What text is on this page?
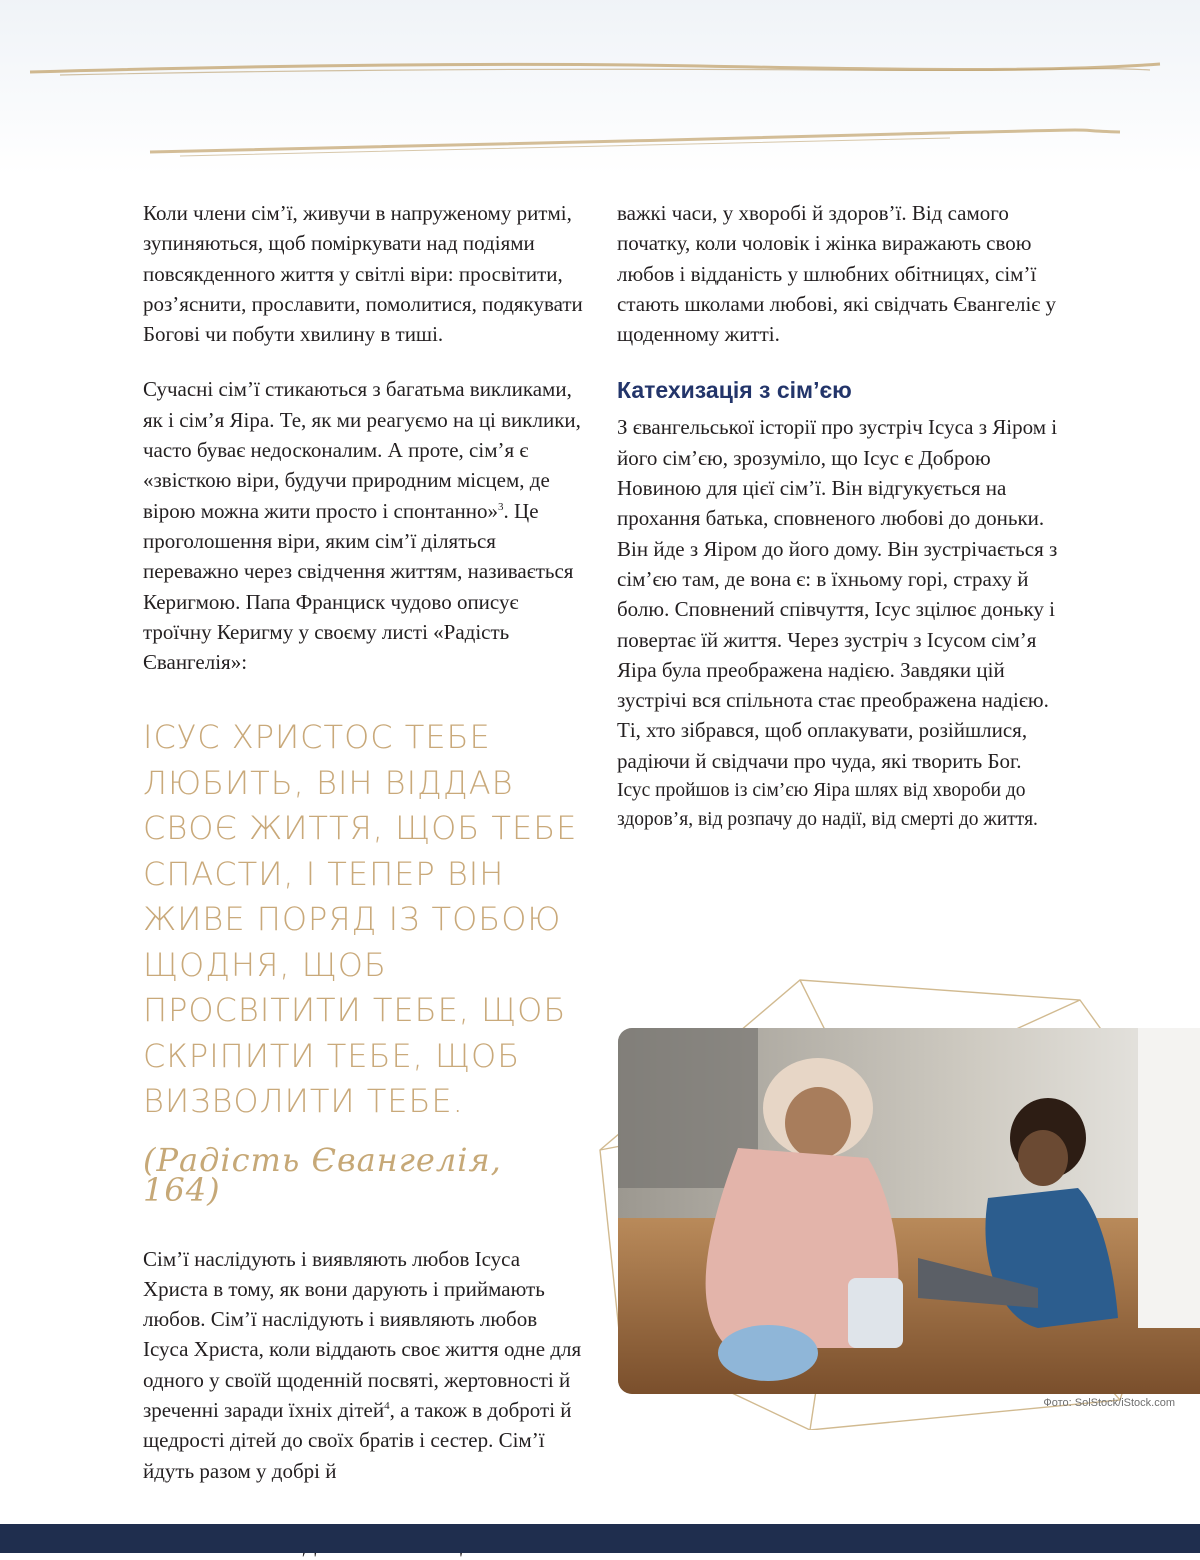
Коли члени сім’ї, живучи в напруженому ритмі, зупиняються, щоб поміркувати над подіями повсякденного життя у світлі віри: просвітити, роз’яснити, прославити, помолитися, подякувати Богові чи побути хвилину в тиші.

Сучасні сім’ї стикаються з багатьма викликами, як і сім’я Яіра. Те, як ми реагуємо на ці виклики, часто буває недосконалим. А проте, сім’я є «звісткою віри, будучи природним місцем, де вірою можна жити просто і спонтанно»$^3$. Це проголошення віри, яким сім’ї діляться переважно через свідчення життям, називається Керигмою. Папа Франциск чудово описує троїчну Керигму у своєму листі «Радість Євангелія»:

ІСУС ХРИСТОС ТЕБЕ ЛЮБИТЬ, ВІН ВІДДАВ СВОЄ ЖИТТЯ, ЩОБ ТЕБЕ СПАСТИ, І ТЕПЕР ВІН ЖИВЕ ПОРЯД ІЗ ТОБОЮ ЩОДНЯ, ЩОБ ПРОСВІТИТИ ТЕБЕ, ЩОБ СКРІПИТИ ТЕБЕ, ЩОБ ВИЗВОЛИТИ ТЕБЕ.
(Радість Євангелія, 164)

Сім’ї наслідують і виявляють любов Ісуса Христа в тому, як вони дарують і приймають любов. Сім’ї наслідують і виявляють любов Ісуса Христа, коли віддають своє життя одне для одного у своїй щоденній посвяті, жертовності й зреченні заради їхніх дітей$^4$, а також в доброті й щедрості дітей до своїх братів і сестер. Сім’ї йдуть разом у добрі й

важкі часи, у хворобі й здоров’ї. Від самого початку, коли чоловік і жінка виражають свою любов і відданість у шлюбних обітницях, сім’ї стають школами любові, які свідчать Євангеліє у щоденному житті.

Катехизація з сім’єю

З євангельської історії про зустріч Ісуса з Яіром і його сім’єю, зрозуміло, що Ісус є Доброю Новиною для цієї сім’ї. Він відгукується на прохання батька, сповненого любові до доньки. Він йде з Яіром до його дому. Він зустрічається з сім’єю там, де вона є: в їхньому горі, страху й болю. Сповнений співчуття, Ісус зцілює доньку і повертає їй життя. Через зустріч з Ісусом сім’я Яіра була преображена надією. Завдяки цій зустрічі вся спільнота стає преображена надією. Ті, хто зібрався, щоб оплакувати, розійшлися, радіючи й свідчачи про чуда, які творить Бог.

Ісус пройшов із сім’єю Яіра шлях від хвороби до здоров’я, від розпачу до надії, від смерті до життя.

Фото: SolStock/iStock.com
